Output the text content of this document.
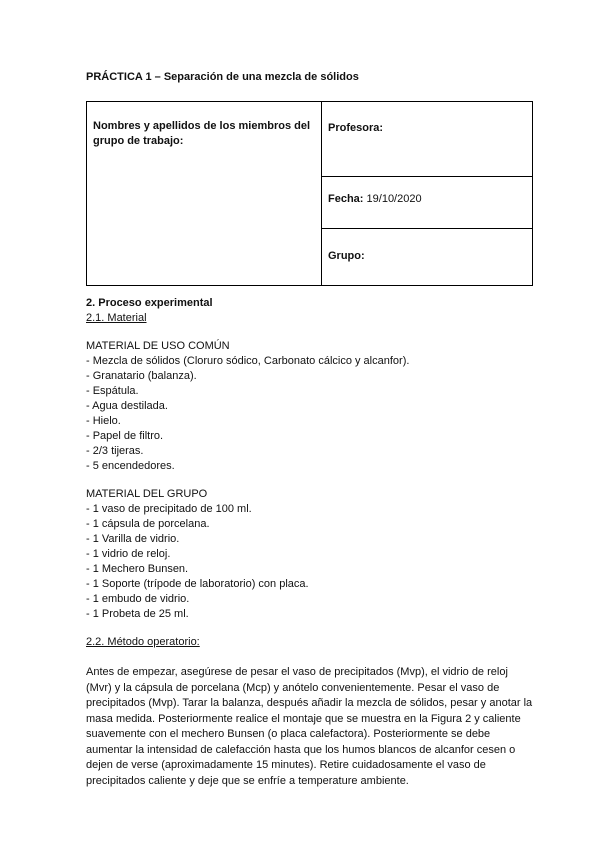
PRÁCTICA 1 – Separación de una mezcla de sólidos
Nombres y apellidos de los miembros del grupo de trabajo:	Profesora:
Fecha: 19/10/2020
Grupo:
2. Proceso experimental
2.1. Material
MATERIAL DE USO COMÚN
- Mezcla de sólidos (Cloruro sódico, Carbonato cálcico y alcanfor).
- Granatario (balanza).
- Espátula.
- Agua destilada.
- Hielo.
- Papel de filtro.
- 2/3 tijeras.
- 5 encendedores.
MATERIAL DEL GRUPO
- 1 vaso de precipitado de 100 ml.
- 1 cápsula de porcelana.
- 1 Varilla de vidrio.
- 1 vidrio de reloj.
- 1 Mechero Bunsen.
- 1 Soporte (trípode de laboratorio) con placa.
- 1 embudo de vidrio.
- 1 Probeta de 25 ml.
2.2. Método operatorio:
Antes de empezar, asegúrese de pesar el vaso de precipitados (Mvp), el vidrio de reloj (Mvr) y la cápsula de porcelana (Mcp) y anótelo convenientemente. Pesar el vaso de precipitados (Mvp). Tarar la balanza, después añadir la mezcla de sólidos, pesar y anotar la masa medida. Posteriormente realice el montaje que se muestra en la Figura 2 y caliente suavemente con el mechero Bunsen (o placa calefactora). Posteriormente se debe aumentar la intensidad de calefacción hasta que los humos blancos de alcanfor cesen o dejen de verse (aproximadamente 15 minutes). Retire cuidadosamente el vaso de precipitados caliente y deje que se enfríe a temperature ambiente.
